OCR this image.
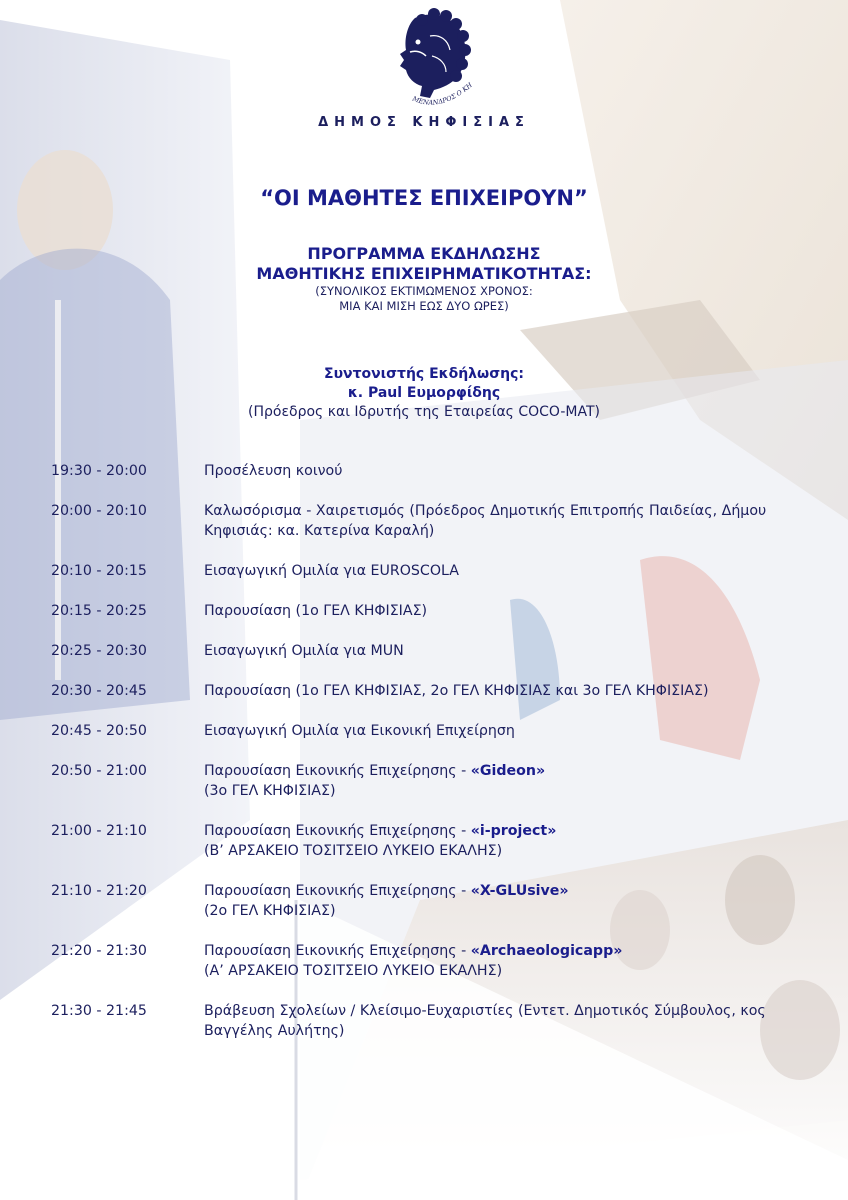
ΜΕΝΑΝΔΡΟΣ Ο ΚΗ
ΔΗΜΟΣ ΚΗΦΙΣΙΑΣ
“ΟΙ ΜΑΘΗΤΕΣ ΕΠΙΧΕΙΡΟΥΝ”
ΠΡΟΓΡΑΜΜΑ ΕΚΔΗΛΩΣΗΣ
ΜΑΘΗΤΙΚΗΣ ΕΠΙΧΕΙΡΗΜΑΤΙΚΟΤΗΤΑΣ:
(ΣΥΝΟΛΙΚΟΣ ΕΚΤΙΜΩΜΕΝΟΣ ΧΡΟΝΟΣ:
ΜΙΑ ΚΑΙ ΜΙΣΗ ΕΩΣ ΔΥΟ ΩΡΕΣ)
Συντονιστής Εκδήλωσης:
κ. Paul Ευμορφίδης
(Πρόεδρος και Ιδρυτής της Εταιρείας COCO-MAT)
19:30 - 20:00	Προσέλευση κοινού
20:00 - 20:10	Καλωσόρισμα - Χαιρετισμός (Πρόεδρος Δημοτικής Επιτροπής Παιδείας, Δήμου Κηφισιάς: κα. Κατερίνα Καραλή)
20:10 - 20:15	Εισαγωγική Ομιλία για EUROSCOLA
20:15 - 20:25	Παρουσίαση (1ο ΓΕΛ ΚΗΦΙΣΙΑΣ)
20:25 - 20:30	Εισαγωγική Ομιλία για MUN
20:30 - 20:45	Παρουσίαση (1ο ΓΕΛ ΚΗΦΙΣΙΑΣ, 2ο ΓΕΛ ΚΗΦΙΣΙΑΣ και 3ο ΓΕΛ ΚΗΦΙΣΙΑΣ)
20:45 - 20:50	Εισαγωγική Ομιλία για Εικονική Επιχείρηση
20:50 - 21:00	Παρουσίαση Εικονικής Επιχείρησης - «Gideon»
(3ο ΓΕΛ ΚΗΦΙΣΙΑΣ)
21:00 - 21:10	Παρουσίαση Εικονικής Επιχείρησης - «i-project»
(Β’ ΑΡΣΑΚΕΙΟ ΤΟΣΙΤΣΕΙΟ ΛΥΚΕΙΟ ΕΚΑΛΗΣ)
21:10 - 21:20	Παρουσίαση Εικονικής Επιχείρησης - «X-GLUsive»
(2ο ΓΕΛ ΚΗΦΙΣΙΑΣ)
21:20 - 21:30	Παρουσίαση Εικονικής Επιχείρησης - «Archaeologicapp»
(Α’ ΑΡΣΑΚΕΙΟ ΤΟΣΙΤΣΕΙΟ ΛΥΚΕΙΟ ΕΚΑΛΗΣ)
21:30 - 21:45	Βράβευση Σχολείων / Κλείσιμο-Ευχαριστίες (Εντετ. Δημοτικός Σύμβουλος, κος Βαγγέλης Αυλήτης)
